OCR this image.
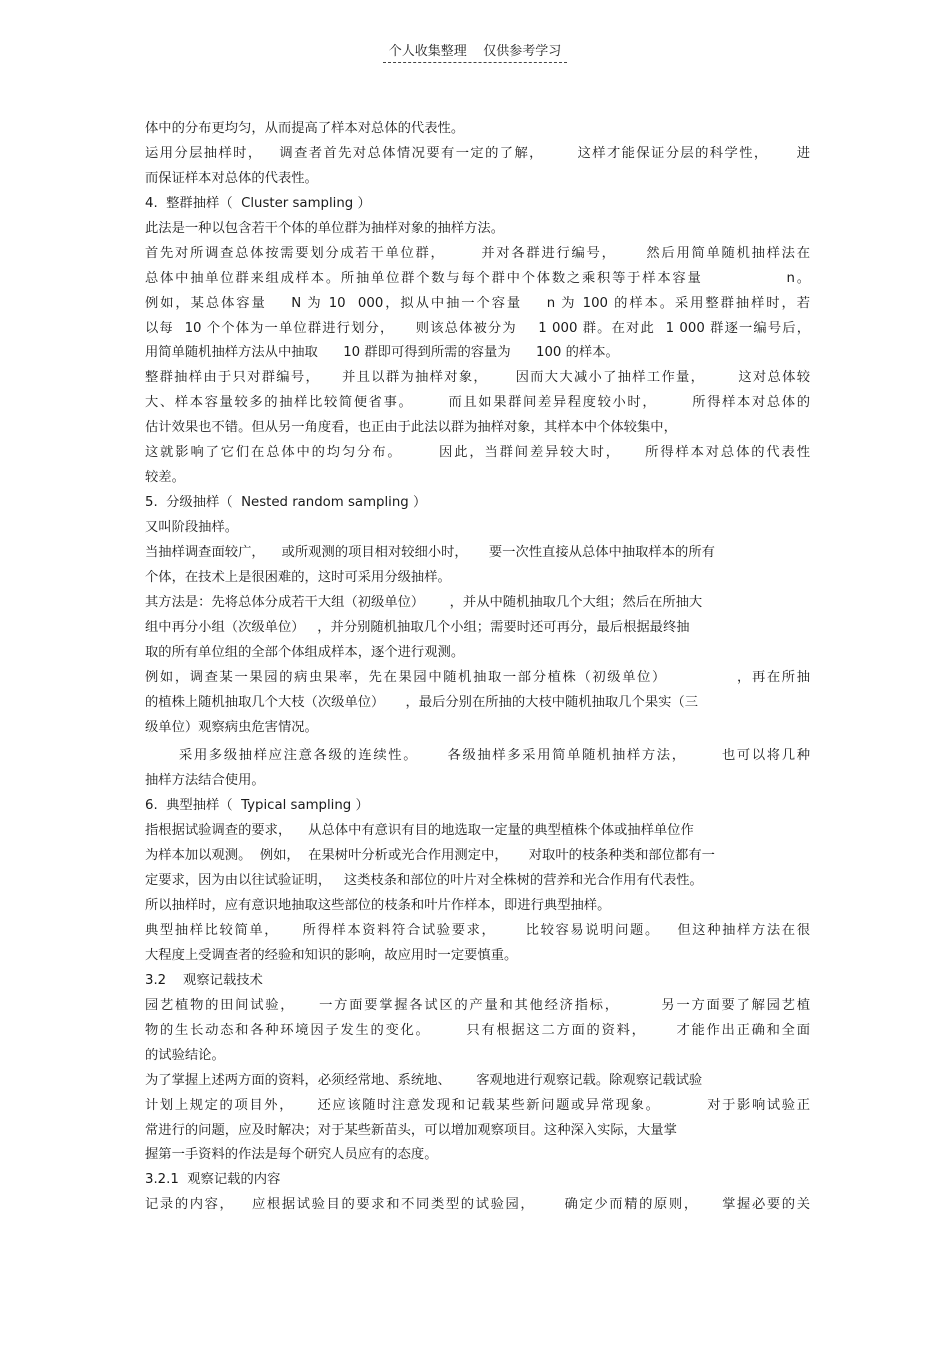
个人收集整理    仅供参考学习
体中的分布更均匀，从而提高了样本对总体的代表性。
运用分层抽样时，   调查者首先对总体情况要有一定的了解，      这样才能保证分层的科学性，     进
而保证样本对总体的代表性。
4.  整群抽样（  Cluster sampling ）
此法是一种以包含若干个体的单位群为抽样对象的抽样方法。
首先对所调查总体按需要划分成若干单位群，      并对各群进行编号，     然后用简单随机抽样法在
总体中抽单位群来组成样本。所抽单位群个数与每个群中个体数之乘积等于样本容量              n。
例如，某总体容量    N 为 10  000，拟从中抽一个容量    n 为 100 的样本。采用整群抽样时，若
以每  10 个个体为一单位群进行划分，    则该总体被分为    1 000 群。在对此  1 000 群逐一编号后，
用简单随机抽样方法从中抽取      10 群即可得到所需的容量为      100 的样本。
整群抽样由于只对群编号，    并且以群为抽样对象，     因而大大减小了抽样工作量，      这对总体较
大、样本容量较多的抽样比较简便省事。      而且如果群间差异程度较小时，      所得样本对总体的
估计效果也不错。但从另一角度看，也正由于此法以群为抽样对象，其样本中个体较集中，
这就影响了它们在总体中的均匀分布。      因此，当群间差异较大时，    所得样本对总体的代表性
较差。
5.  分级抽样（  Nested random sampling ）
又叫阶段抽样。
当抽样调查面较广，    或所观测的项目相对较细小时，     要一次性直接从总体中抽取样本的所有
个体，在技术上是很困难的，这时可采用分级抽样。
其方法是：先将总体分成若干大组（初级单位）      ，并从中随机抽取几个大组；然后在所抽大
组中再分小组（次级单位）   ，并分别随机抽取几个小组；需要时还可再分，最后根据最终抽
取的所有单位组的全部个体组成样本，逐个进行观测。
例如，调查某一果园的病虫果率，先在果园中随机抽取一部分植株（初级单位）            ，再在所抽
的植株上随机抽取几个大枝（次级单位）     ，最后分别在所抽的大枝中随机抽取几个果实（三
级单位）观察病虫危害情况。
采用多级抽样应注意各级的连续性。     各级抽样多采用简单随机抽样方法，      也可以将几种
抽样方法结合使用。
6.  典型抽样（  Typical sampling ）
指根据试验调查的要求，    从总体中有意识有目的地选取一定量的典型植株个体或抽样单位作
为样本加以观测。  例如，  在果树叶分析或光合作用测定中，     对取叶的枝条种类和部位都有一
定要求，因为由以往试验证明，   这类枝条和部位的叶片对全株树的营养和光合作用有代表性。
所以抽样时，应有意识地抽取这些部位的枝条和叶片作样本，即进行典型抽样。
典型抽样比较简单，    所得样本资料符合试验要求，     比较容易说明问题。   但这种抽样方法在很
大程度上受调查者的经验和知识的影响，故应用时一定要慎重。
3.2    观察记载技术
园艺植物的田间试验，    一方面要掌握各试区的产量和其他经济指标，       另一方面要了解园艺植
物的生长动态和各种环境因子发生的变化。      只有根据这二方面的资料，     才能作出正确和全面
的试验结论。
为了掌握上述两方面的资料，必须经常地、系统地、      客观地进行观察记载。除观察记载试验
计划上规定的项目外，    还应该随时注意发现和记载某些新问题或异常现象。        对于影响试验正
常进行的问题，应及时解决；对于某些新苗头，可以增加观察项目。这种深入实际，大量掌
握第一手资料的作法是每个研究人员应有的态度。
3.2.1  观察记载的内容
记录的内容，   应根据试验目的要求和不同类型的试验园，     确定少而精的原则，    掌握必要的关
